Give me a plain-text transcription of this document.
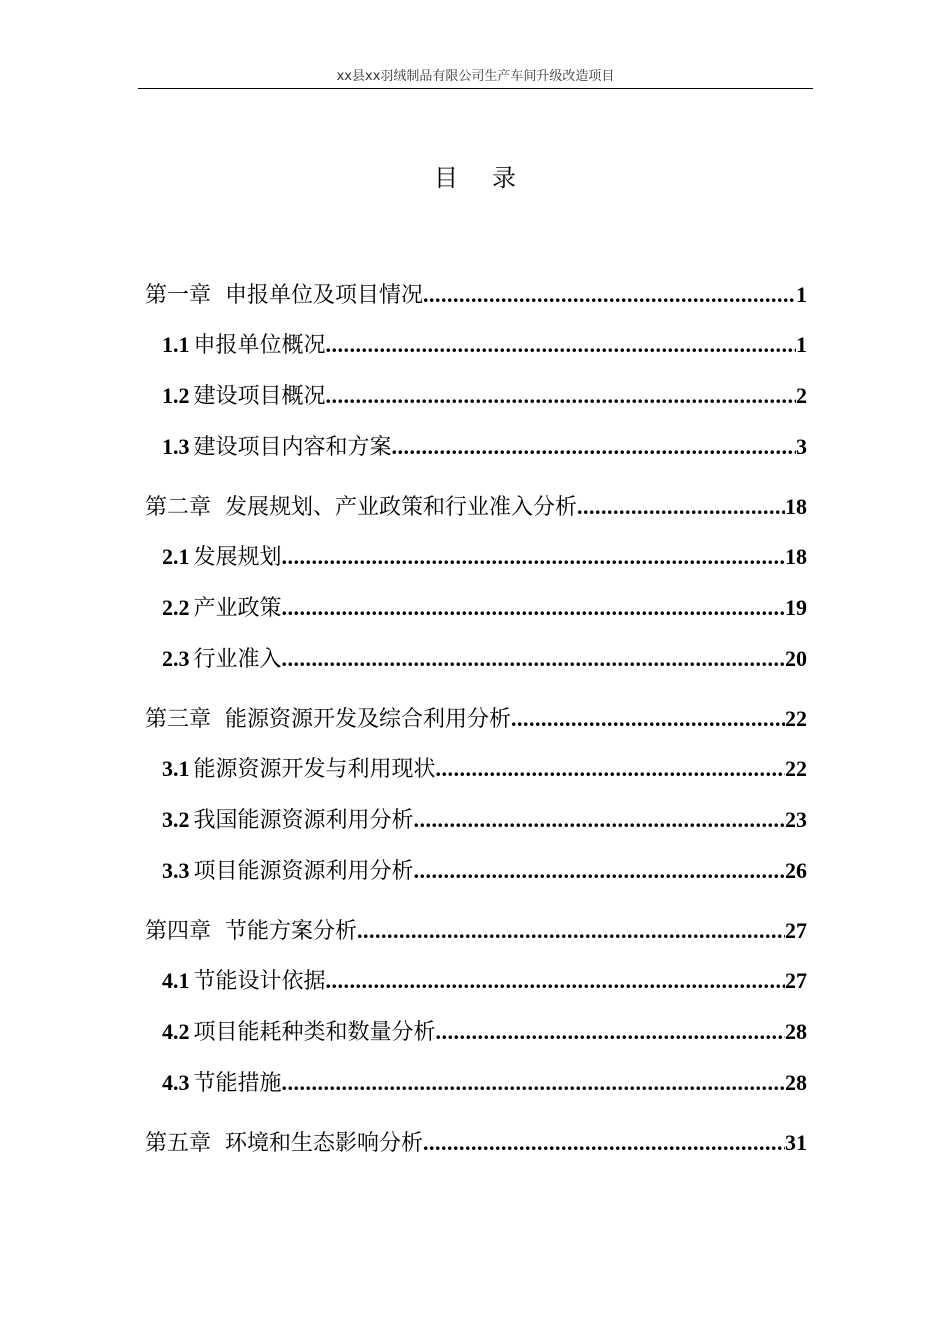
xx县xx羽绒制品有限公司生产车间升级改造项目
目录
第一章 申报单位及项目情况 .....	1
1.1 申报单位概况 .....	1
1.2 建设项目概况 .....	2
1.3 建设项目内容和方案 .....	3
第二章 发展规划、产业政策和行业准入分析 .....	18
2.1 发展规划 .....	18
2.2 产业政策 .....	19
2.3 行业准入 .....	20
第三章 能源资源开发及综合利用分析 .....	22
3.1 能源资源开发与利用现状 .....	22
3.2 我国能源资源利用分析 .....	23
3.3 项目能源资源利用分析 .....	26
第四章 节能方案分析 .....	27
4.1 节能设计依据 .....	27
4.2 项目能耗种类和数量分析 .....	28
4.3 节能措施 .....	28
第五章 环境和生态影响分析 .....	31
